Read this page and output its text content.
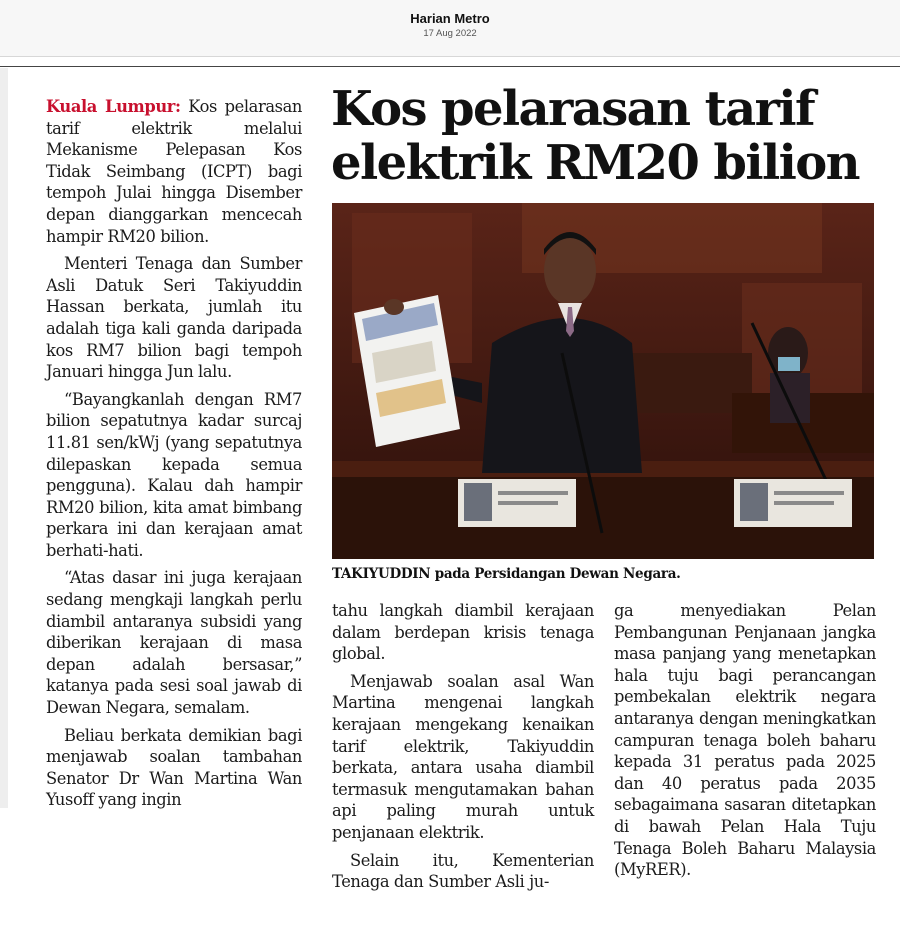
Harian Metro
17 Aug 2022

Kuala Lumpur: Kos pelarasan tarif elektrik melalui Mekanisme Pelepasan Kos Tidak Seimbang (ICPT) bagi tempoh Julai hingga Disember depan dianggarkan mencecah hampir RM20 bilion.

Menteri Tenaga dan Sumber Asli Datuk Seri Takiyuddin Hassan berkata, jumlah itu adalah tiga kali ganda daripada kos RM7 bilion bagi tempoh Januari hingga Jun lalu.

“Bayangkanlah dengan RM7 bilion sepatutnya kadar surcaj 11.81 sen/kWj (yang sepatutnya dilepaskan kepada semua pengguna). Kalau dah hampir RM20 bilion, kita amat bimbang perkara ini dan kerajaan amat berhati-hati.

“Atas dasar ini juga kerajaan sedang mengkaji langkah perlu diambil antaranya subsidi yang diberikan kerajaan di masa depan adalah bersasar,” katanya pada sesi soal jawab di Dewan Negara, semalam.

Beliau berkata demikian bagi menjawab soalan tambahan Senator Dr Wan Martina Wan Yusoff yang ingin

Kos pelarasan tarif elektrik RM20 bilion
TAKIYUDDIN pada Persidangan Dewan Negara.

tahu langkah diambil kerajaan dalam berdepan krisis tenaga global.

Menjawab soalan asal Wan Martina mengenai langkah kerajaan mengekang kenaikan tarif elektrik, Takiyuddin berkata, antara usaha diambil termasuk mengutamakan bahan api paling murah untuk penjanaan elektrik.

Selain itu, Kementerian Tenaga dan Sumber Asli ju-

ga menyediakan Pelan Pembangunan Penjanaan jangka masa panjang yang menetapkan hala tuju bagi perancangan pembekalan elektrik negara antaranya dengan meningkatkan campuran tenaga boleh baharu kepada 31 peratus pada 2025 dan 40 peratus pada 2035 sebagaimana sasaran ditetapkan di bawah Pelan Hala Tuju Tenaga Boleh Baharu Malaysia (MyRER).
